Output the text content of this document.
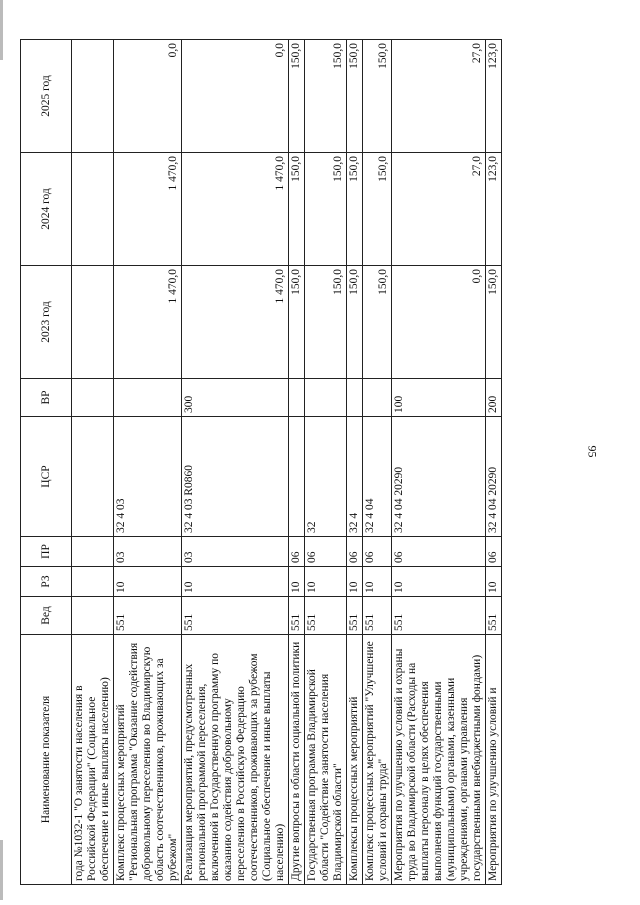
95
Наименование показателя	Вед	РЗ	ПР	ЦСР	ВР	2023 год	2024 год	2025 год
года №1032-1 "О занятости населения в Российской Федерации" (Социальное обеспечение и иные выплаты населению)								
Комплекс процессных мероприятий "Региональная программа "Оказание содействия добровольному переселению во Владимирскую область соотечественников, проживающих за рубежом"	551	10	03	32 4 03		1 470,0	1 470,0	0,0
Реализация мероприятий, предусмотренных региональной программой переселения, включенной в Государственную программу по оказанию содействия добровольному переселению в Российскую Федерацию соотечественников, проживающих за рубежом (Социальное обеспечение и иные выплаты населению)	551	10	03	32 4 03 R0860	300	1 470,0	1 470,0	0,0
Другие вопросы в области социальной политики	551	10	06			150,0	150,0	150,0
Государственная программа Владимирской области "Содействие занятости населения Владимирской области"	551	10	06	32		150,0	150,0	150,0
Комплексы процессных мероприятий	551	10	06	32 4		150,0	150,0	150,0
Комплекс процессных мероприятий "Улучшение условий и охраны труда"	551	10	06	32 4 04		150,0	150,0	150,0
Мероприятия по улучшению условий и охраны труда во Владимирской области (Расходы на выплаты персоналу в целях обеспечения выполнения функций государственными (муниципальными) органами, казенными учреждениями, органами управления государственными внебюджетными фондами)	551	10	06	32 4 04 20290	100	0,0	27,0	27,0
Мероприятия по улучшению условий и	551	10	06	32 4 04 20290	200	150,0	123,0	123,0
